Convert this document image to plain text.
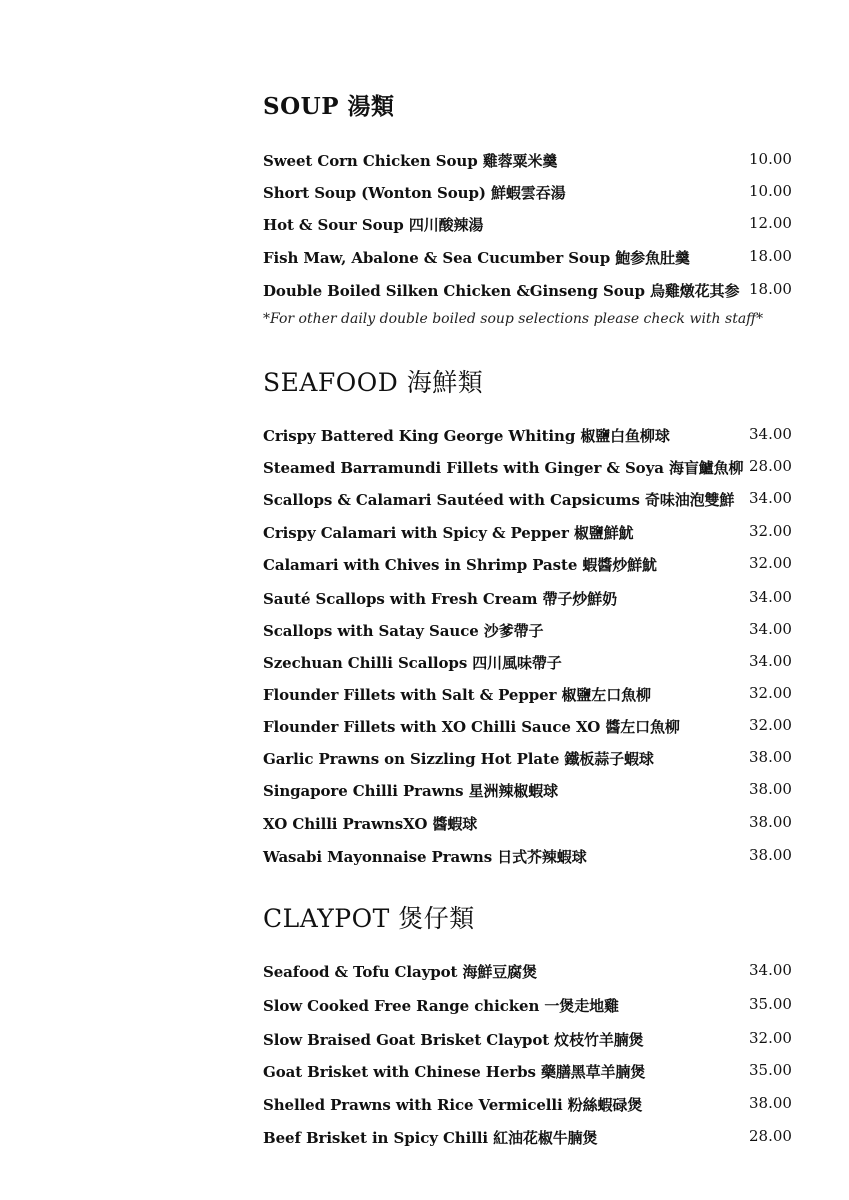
SOUP 湯類
Sweet Corn Chicken Soup 雞蓉粟米羹	10.00
Short Soup (Wonton Soup) 鮮蝦雲吞湯	10.00
Hot & Sour Soup 四川酸辣湯	12.00
Fish Maw, Abalone & Sea Cucumber Soup 鮑参魚肚羹	18.00
Double Boiled Silken Chicken &Ginseng Soup 烏雞燉花其参 18.00
*For other daily double boiled soup selections please check with staff*
SEAFOOD 海鮮類
Crispy Battered King George Whiting 椒鹽白鱼柳球	34.00
Steamed Barramundi Fillets with Ginger & Soya 海盲鱸魚柳 28.00
Scallops & Calamari Sautéed with Capsicums 奇味油泡雙鮮 34.00
Crispy Calamari with Spicy & Pepper 椒鹽鮮魷	32.00
Calamari with Chives in Shrimp Paste 蝦醬炒鮮魷	32.00
Sauté Scallops with Fresh Cream 帶子炒鮮奶	34.00
Scallops with Satay Sauce 沙爹帶子	34.00
Szechuan Chilli Scallops 四川風味帶子	34.00
Flounder Fillets with Salt & Pepper 椒鹽左口魚柳	32.00
Flounder Fillets with XO Chilli Sauce XO 醬左口魚柳	32.00
Garlic Prawns on Sizzling Hot Plate 鐵板蒜子蝦球	38.00
Singapore Chilli Prawns 星洲辣椒蝦球	38.00
XO Chilli PrawnsXO 醬蝦球	38.00
Wasabi Mayonnaise Prawns 日式芥辣蝦球	38.00
CLAYPOT 煲仔類
Seafood & Tofu Claypot 海鮮豆腐煲	34.00
Slow Cooked Free Range chicken 一煲走地雞	35.00
Slow Braised Goat Brisket Claypot 炆枝竹羊腩煲	32.00
Goat Brisket with Chinese Herbs 藥膳黑草羊腩煲	35.00
Shelled Prawns with Rice Vermicelli 粉絲蝦碌煲	38.00
Beef Brisket in Spicy Chilli 紅油花椒牛腩煲	28.00
